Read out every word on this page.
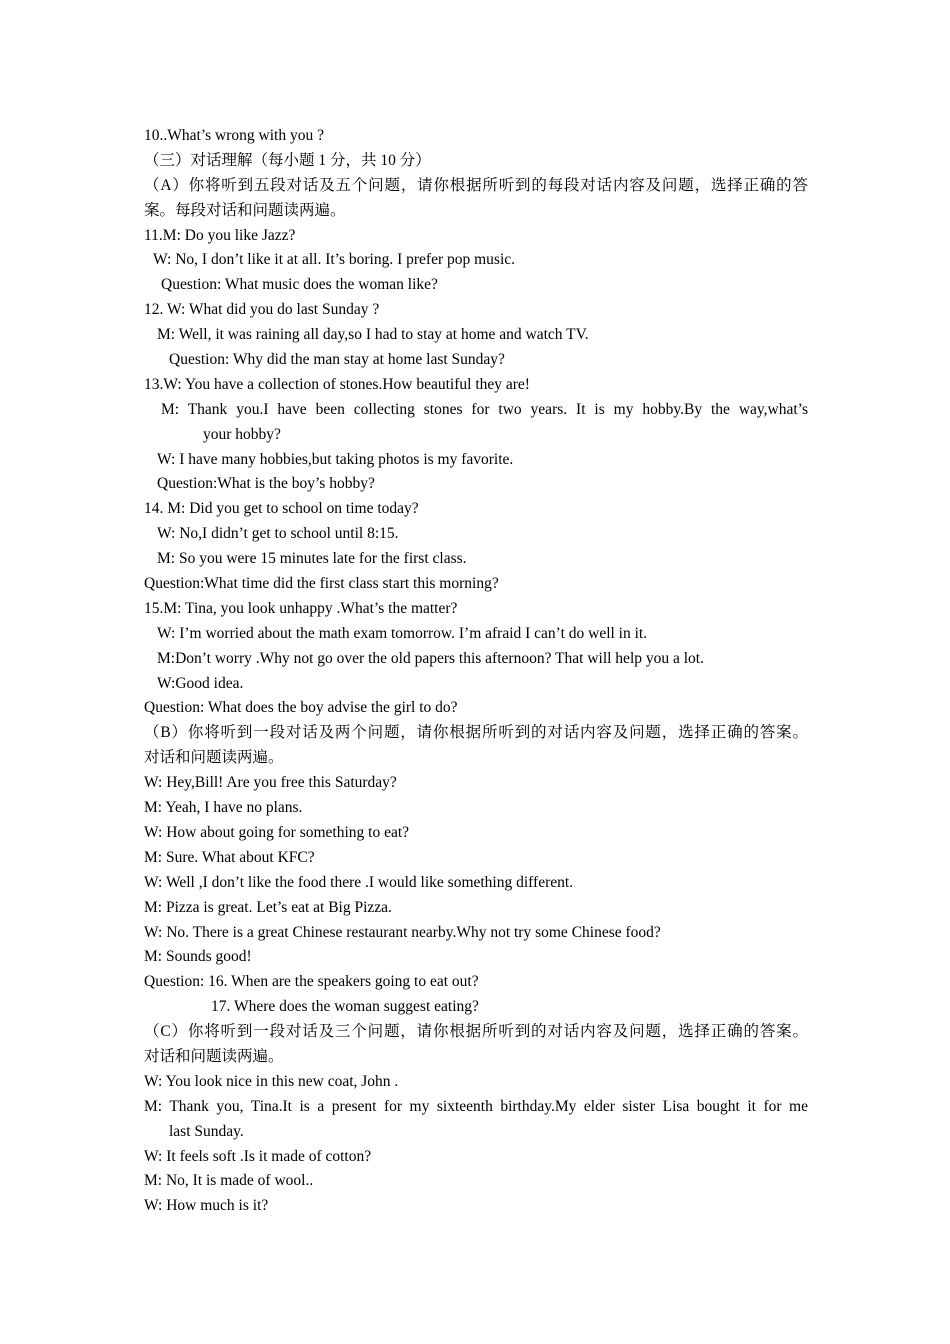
10..What’s wrong with you ?
（三）对话理解（每小题 1 分，共 10 分）
（A）你将听到五段对话及五个问题，请你根据所听到的每段对话内容及问题，选择正确的答
案。每段对话和问题读两遍。
11.M: Do you like Jazz?
W: No, I don’t like it at all. It’s boring. I prefer pop music.
Question: What music does the woman like?
12. W: What did you do last Sunday ?
M: Well, it was raining all day,so I had to stay at home and watch TV.
Question: Why did the man stay at home last Sunday?
13.W: You have a collection of stones.How beautiful they are!
M: Thank you.I have been collecting stones for two years. It is my hobby.By the way,what’s
your hobby?
W: I have many hobbies,but taking photos is my favorite.
Question:What is the boy’s hobby?
14. M: Did you get to school on time today?
W: No,I didn’t get to school until 8:15.
M: So you were 15 minutes late for the first class.
Question:What time did the first class start this morning?
15.M: Tina, you look unhappy .What’s the matter?
W: I’m worried about the math exam tomorrow. I’m afraid I can’t do well in it.
M:Don’t worry .Why not go over the old papers this afternoon? That will help you a lot.
W:Good idea.
Question: What does the boy advise the girl to do?
（B）你将听到一段对话及两个问题，请你根据所听到的对话内容及问题，选择正确的答案。
对话和问题读两遍。
W: Hey,Bill! Are you free this Saturday?
M: Yeah, I have no plans.
W: How about going for something to eat?
M: Sure. What about KFC?
W: Well ,I don’t like the food there .I would like something different.
M: Pizza is great. Let’s eat at Big Pizza.
W: No. There is a great Chinese restaurant nearby.Why not try some Chinese food?
M: Sounds good!
Question: 16. When are the speakers going to eat out?
17. Where does the woman suggest eating?
（C）你将听到一段对话及三个问题，请你根据所听到的对话内容及问题，选择正确的答案。
对话和问题读两遍。
W: You look nice in this new coat, John .
M: Thank you, Tina.It is a present for my sixteenth birthday.My elder sister Lisa bought it for me
last Sunday.
W: It feels soft .Is it made of cotton?
M: No, It is made of wool..
W: How much is it?
